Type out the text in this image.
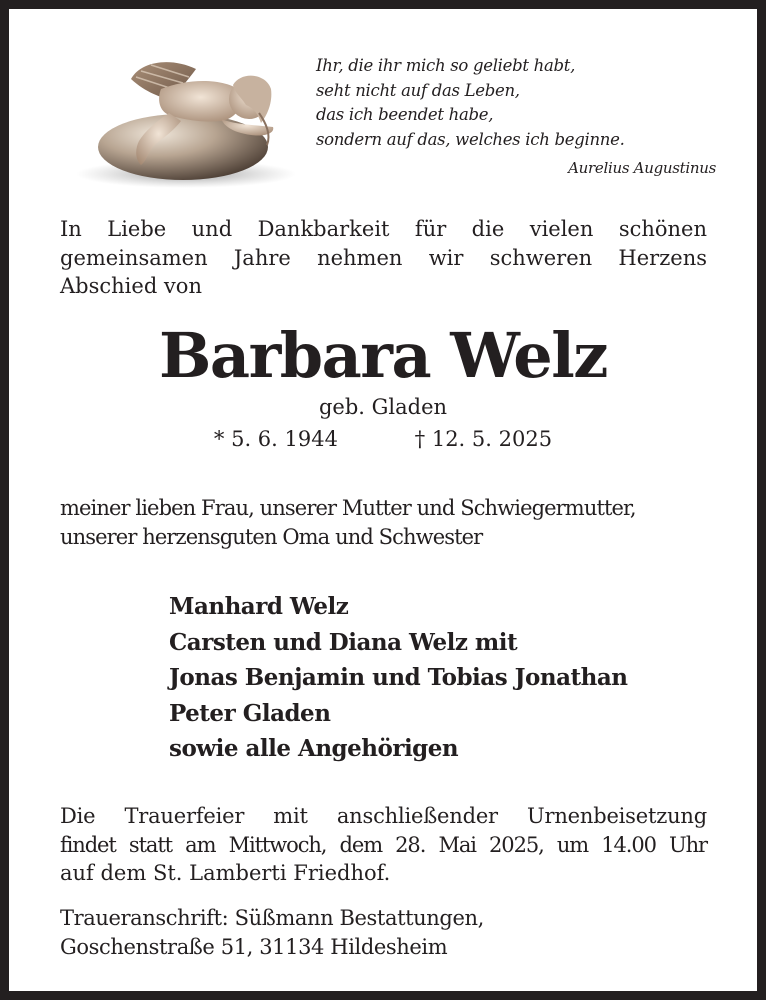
Ihr, die ihr mich so geliebt habt,
seht nicht auf das Leben,
das ich beendet habe,
sondern auf das, welches ich beginne.
Aurelius Augustinus
In Liebe und Dankbarkeit für die vielen schönen
gemeinsamen Jahre nehmen wir schweren Herzens
Abschied von
Barbara Welz
geb. Gladen
* 5. 6. 1944	† 12. 5. 2025
meiner lieben Frau, unserer Mutter und Schwiegermutter,
unserer herzensguten Oma und Schwester
Manhard Welz
Carsten und Diana Welz mit
Jonas Benjamin und Tobias Jonathan
Peter Gladen
sowie alle Angehörigen
Die Trauerfeier mit anschließender Urnenbeisetzung
findet statt am Mittwoch, dem 28. Mai 2025, um 14.00 Uhr
auf dem St. Lamberti Friedhof.
Traueranschrift: Süßmann Bestattungen,
Goschenstraße 51, 31134 Hildesheim
